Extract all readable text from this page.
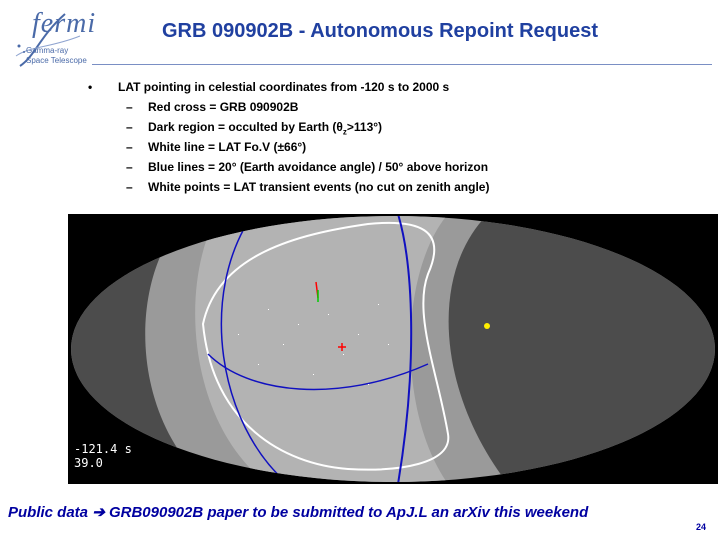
fermi
Gamma-ray
Space Telescope
GRB 090902B - Autonomous Repoint Request
• LAT pointing in celestial coordinates from -120 s to 2000 s
– Red cross = GRB 090902B
– Dark region = occulted by Earth $(\theta_z>113^\circ)$
– White line = LAT Fo.V (±66°)
– Blue lines = 20° (Earth avoidance angle) / 50° above horizon
– White points = LAT transient events (no cut on zenith angle)
-121.4 s
39.0
Public data ➔ GRB090902B paper to be submitted to ApJ.L an arXiv this weekend
24
